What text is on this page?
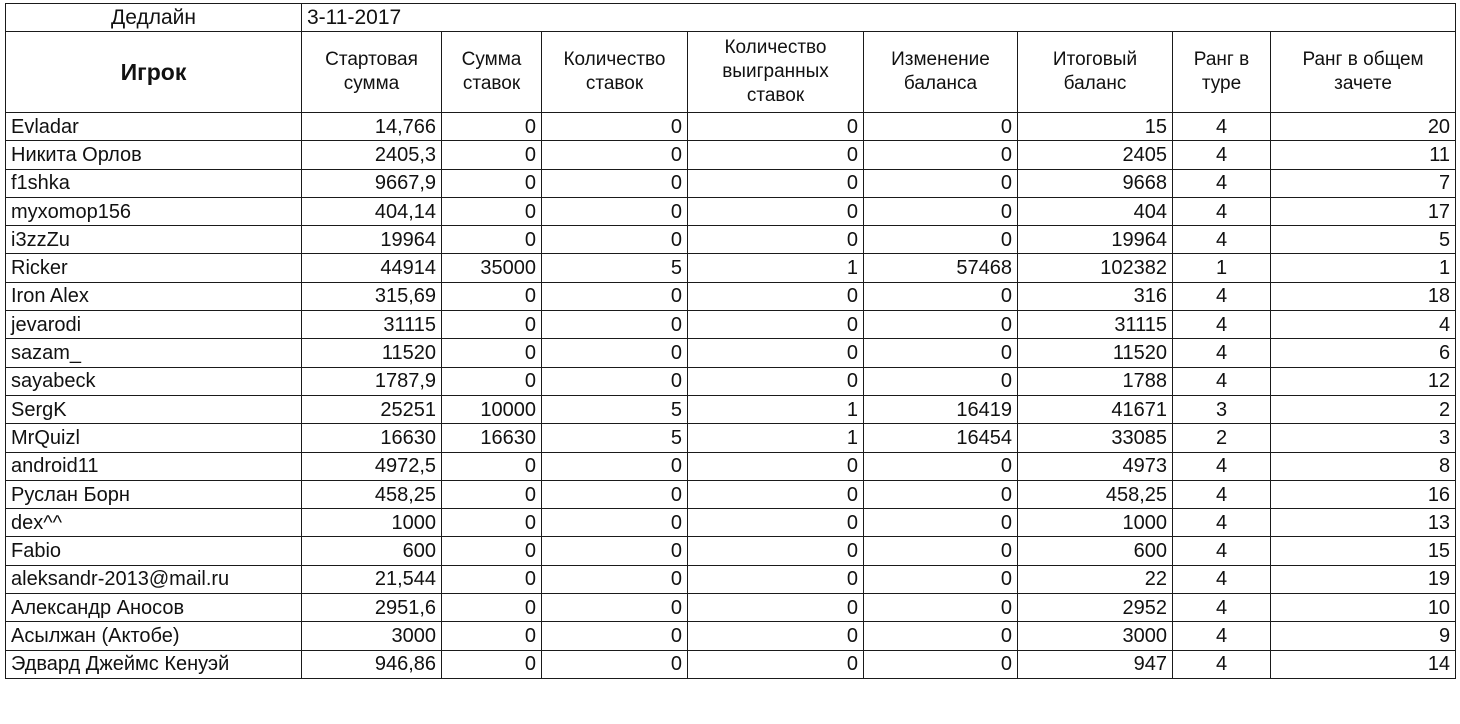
Дедлайн	3-11-2017							
Игрок	Стартовая сумма	Сумма ставок	Количество ставок	Количество выигранных ставок	Изменение баланса	Итоговый баланс	Ранг в туре	Ранг в общем зачете
Evladar	14,766	0	0	0	0	15	4	20
Никита Орлов	2405,3	0	0	0	0	2405	4	11
f1shka	9667,9	0	0	0	0	9668	4	7
myxomop156	404,14	0	0	0	0	404	4	17
i3zzZu	19964	0	0	0	0	19964	4	5
Ricker	44914	35000	5	1	57468	102382	1	1
Iron Alex	315,69	0	0	0	0	316	4	18
jevarodi	31115	0	0	0	0	31115	4	4
sazam_	11520	0	0	0	0	11520	4	6
sayabeck	1787,9	0	0	0	0	1788	4	12
SergK	25251	10000	5	1	16419	41671	3	2
MrQuizl	16630	16630	5	1	16454	33085	2	3
android11	4972,5	0	0	0	0	4973	4	8
Руслан Борн	458,25	0	0	0	0	458,25	4	16
dex^^	1000	0	0	0	0	1000	4	13
Fabio	600	0	0	0	0	600	4	15
aleksandr-2013@mail.ru	21,544	0	0	0	0	22	4	19
Александр Аносов	2951,6	0	0	0	0	2952	4	10
Асылжан (Актобе)	3000	0	0	0	0	3000	4	9
Эдвард Джеймс Кенуэй	946,86	0	0	0	0	947	4	14
